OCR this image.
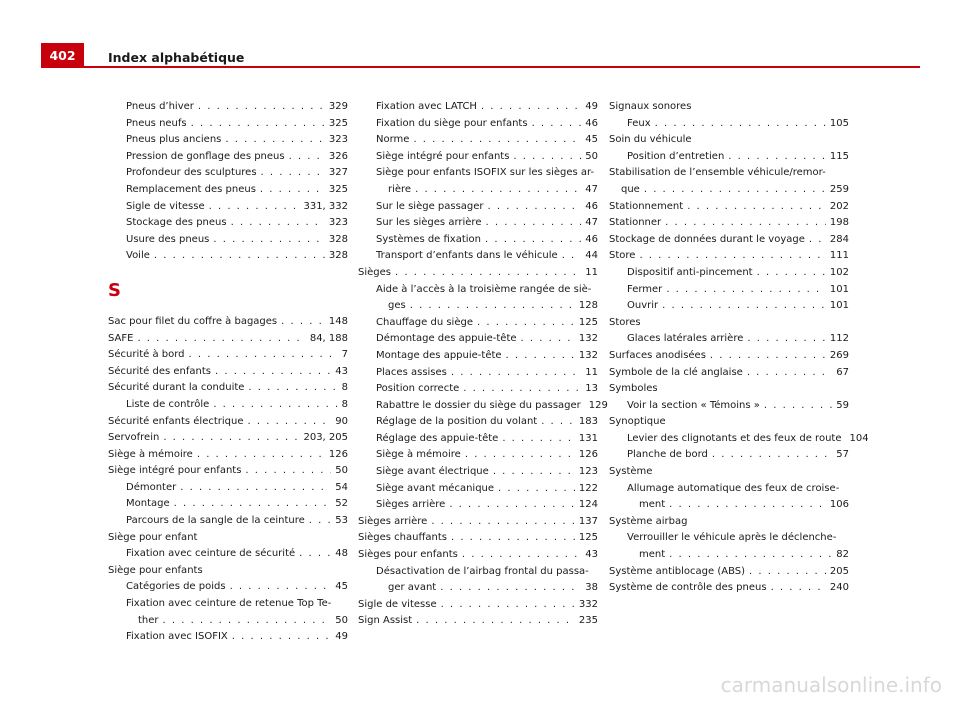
402	Index alphabétique
Pneus d’hiver . . .	329
Pneus neufs . . .	325
Pneus plus anciens . . .	323
Pression de gonflage des pneus . . .	326
Profondeur des sculptures . . .	327
Remplacement des pneus . . .	325
Sigle de vitesse . . .	331, 332
Stockage des pneus . . .	323
Usure des pneus . . .	328
Voile . . .	328
S
Sac pour filet du coffre à bagages . . .	148
SAFE . . .	84, 188
Sécurité à bord . . .	7
Sécurité des enfants . . .	43
Sécurité durant la conduite . . .	8
Liste de contrôle . . .	8
Sécurité enfants électrique . . .	90
Servofrein . . .	203, 205
Siège à mémoire . . .	126
Siège intégré pour enfants . . .	50
Démonter . . .	54
Montage . . .	52
Parcours de la sangle de la ceinture . . .	53
Siège pour enfant
Fixation avec ceinture de sécurité . . .	48
Siège pour enfants
Catégories de poids . . .	45
Fixation avec ceinture de retenue Top Te-
ther . . .	50
Fixation avec ISOFIX . . .	49
Fixation avec LATCH . . .	49
Fixation du siège pour enfants . . .	46
Norme . . .	45
Siège intégré pour enfants . . .	50
Siège pour enfants ISOFIX sur les sièges ar-
rière . . .	47
Sur le siège passager . . .	46
Sur les sièges arrière . . .	47
Systèmes de fixation . . .	46
Transport d’enfants dans le véhicule . . .	44
Sièges . . .	11
Aide à l’accès à la troisième rangée de siè-
ges . . .	128
Chauffage du siège . . .	125
Démontage des appuie-tête . . .	132
Montage des appuie-tête . . .	132
Places assises . . .	11
Position correcte . . .	13
Rabattre le dossier du siège du passager 129
Réglage de la position du volant . . .	183
Réglage des appuie-tête . . .	131
Siège à mémoire . . .	126
Siège avant électrique . . .	123
Siège avant mécanique . . .	122
Sièges arrière . . .	124
Sièges arrière . . .	137
Sièges chauffants . . .	125
Sièges pour enfants . . .	43
Désactivation de l’airbag frontal du passa-
ger avant . . .	38
Sigle de vitesse . . .	332
Sign Assist . . .	235
Signaux sonores
Feux . . .	105
Soin du véhicule
Position d’entretien . . .	115
Stabilisation de l’ensemble véhicule/remor-
que . . .	259
Stationnement . . .	202
Stationner . . .	198
Stockage de données durant le voyage . . .	284
Store . . .	111
Dispositif anti-pincement . . .	102
Fermer . . .	101
Ouvrir . . .	101
Stores
Glaces latérales arrière . . .	112
Surfaces anodisées . . .	269
Symbole de la clé anglaise . . .	67
Symboles
Voir la section « Témoins » . . .	59
Synoptique
Levier des clignotants et des feux de route 104
Planche de bord . . .	57
Système
Allumage automatique des feux de croise-
ment . . .	106
Système airbag
Verrouiller le véhicule après le déclenche-
ment . . .	82
Système antiblocage (ABS) . . .	205
Système de contrôle des pneus . . .	240
carmanualsonline.info
